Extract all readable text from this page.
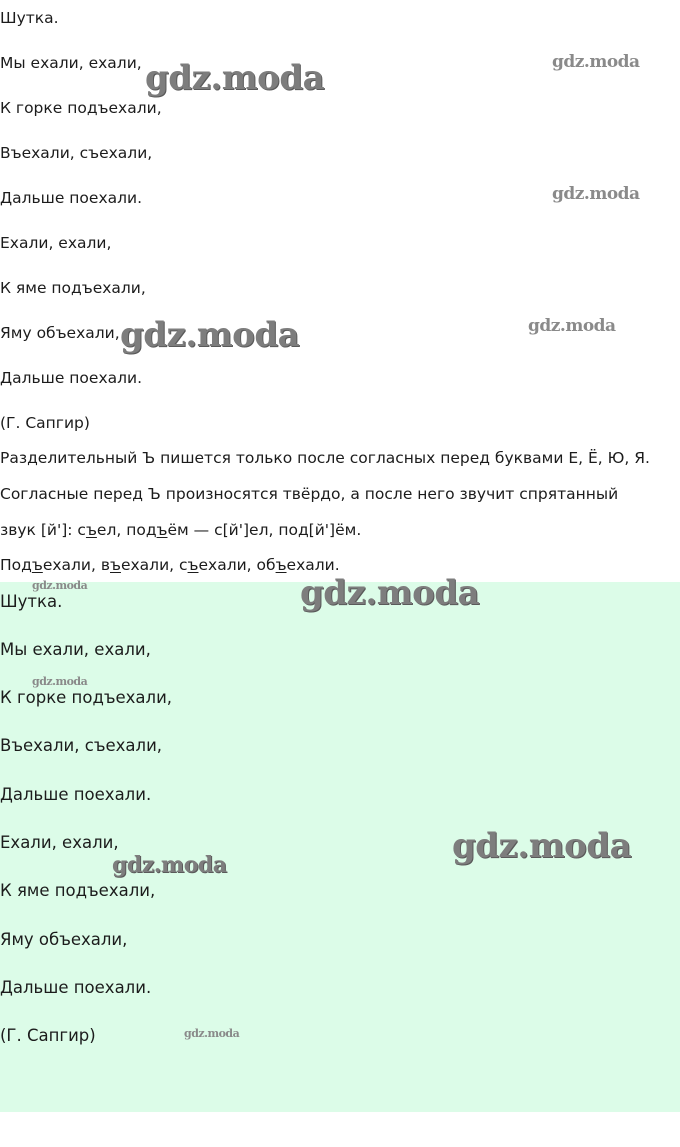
Шутка.
Мы ехали, ехали,
К горке подъехали,
Въехали, съехали,
Дальше поехали.
Ехали, ехали,
К яме подъехали,
Яму объехали,
Дальше поехали.
(Г. Сапгир)
Разделительный Ъ пишется только после согласных перед буквами Е, Ё, Ю, Я.
Согласные перед Ъ произносятся твёрдо, а после него звучит спрятанный
звук [й']: съел, подъём — с[й']ел, под[й']ём.
Подъехали, въехали, съехали, объехали.
Шутка.
Мы ехали, ехали,
К горке подъехали,
Въехали, съехали,
Дальше поехали.
Ехали, ехали,
К яме подъехали,
Яму объехали,
Дальше поехали.
(Г. Сапгир)
gdz.moda	gdz.moda
gdz.moda
gdz.moda	gdz.moda
gdz.moda	gdz.moda
gdz.moda
gdz.moda
gdz.moda
gdz.moda
